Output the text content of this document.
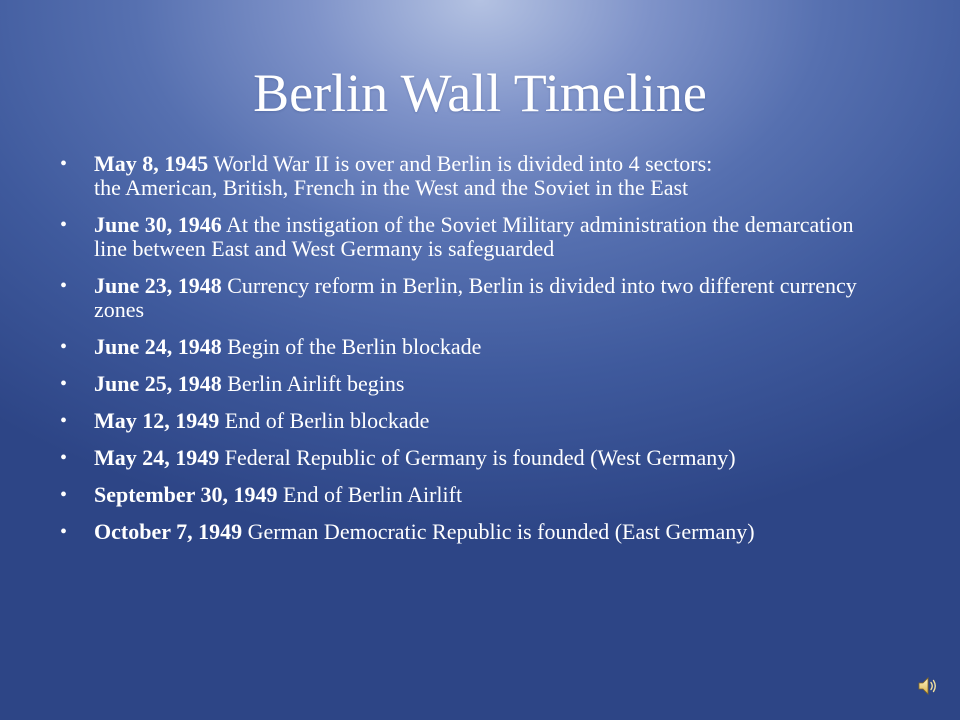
Berlin Wall Timeline
• May 8, 1945 World War II is over and Berlin is divided into 4 sectors:
the American, British, French in the West and the Soviet in the East
• June 30, 1946 At the instigation of the Soviet Military administration the demarcation line between East and West Germany is safeguarded
• June 23, 1948 Currency reform in Berlin, Berlin is divided into two different currency zones
• June 24, 1948 Begin of the Berlin blockade
• June 25, 1948 Berlin Airlift begins
• May 12, 1949 End of Berlin blockade
• May 24, 1949 Federal Republic of Germany is founded (West Germany)
• September 30, 1949 End of Berlin Airlift
• October 7, 1949 German Democratic Republic is founded (East Germany)
